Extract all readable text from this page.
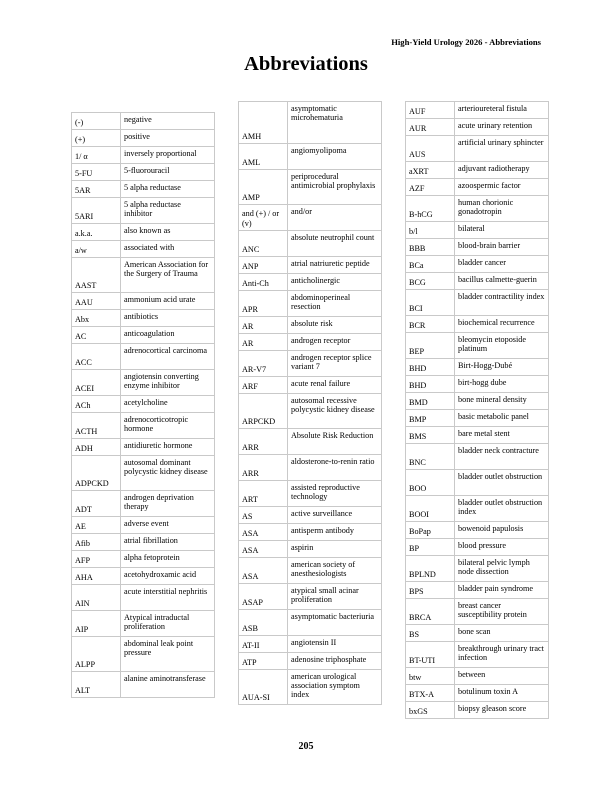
High-Yield Urology 2026 - Abbreviations
Abbreviations
(-)	negative
(+)	positive
1/ α	inversely proportional
5-FU	5-fluorouracil
5AR	5 alpha reductase
5ARI	5 alpha reductase inhibitor
a.k.a.	also known as
a/w	associated with
AAST	American Association for the Surgery of Trauma
AAU	ammonium acid urate
Abx	antibiotics
AC	anticoagulation
ACC	adrenocortical carcinoma
ACEI	angiotensin converting enzyme inhibitor
ACh	acetylcholine
ACTH	adrenocorticotropic hormone
ADH	antidiuretic hormone
ADPCKD	autosomal dominant polycystic kidney disease
ADT	androgen deprivation therapy
AE	adverse event
Afib	atrial fibrillation
AFP	alpha fetoprotein
AHA	acetohydroxamic acid
AIN	acute interstitial nephritis
AIP	Atypical intraductal proliferation
ALPP	abdominal leak point pressure
ALT	alanine aminotransferase
AMH	asymptomatic microhematuria
AML	angiomyolipoma
AMP	periprocedural antimicrobial prophylaxis
and (+) / or (v)	and/or
ANC	absolute neutrophil count
ANP	atrial natriuretic peptide
Anti-Ch	anticholinergic
APR	abdominoperineal resection
AR	absolute risk
AR	androgen receptor
AR-V7	androgen receptor splice variant 7
ARF	acute renal failure
ARPCKD	autosomal recessive polycystic kidney disease
ARR	Absolute Risk Reduction
ARR	aldosterone-to-renin ratio
ART	assisted reproductive technology
AS	active surveillance
ASA	antisperm antibody
ASA	aspirin
ASA	american society of anesthesiologists
ASAP	atypical small acinar proliferation
ASB	asymptomatic bacteriuria
AT-II	angiotensin II
ATP	adenosine triphosphate
AUA-SI	american urological association symptom index
AUF	arterioureteral fistula
AUR	acute urinary retention
AUS	artificial urinary sphincter
aXRT	adjuvant radiotherapy
AZF	azoospermic factor
B-hCG	human chorionic gonadotropin
b/l	bilateral
BBB	blood-brain barrier
BCa	bladder cancer
BCG	bacillus calmette-guerin
BCI	bladder contractility index
BCR	biochemical recurrence
BEP	bleomycin etoposide platinum
BHD	Birt-Hogg-Dubé
BHD	birt-hogg dube
BMD	bone mineral density
BMP	basic metabolic panel
BMS	bare metal stent
BNC	bladder neck contracture
BOO	bladder outlet obstruction
BOOI	bladder outlet obstruction index
BoPap	bowenoid papulosis
BP	blood pressure
BPLND	bilateral pelvic lymph node dissection
BPS	bladder pain syndrome
BRCA	breast cancer susceptibility protein
BS	bone scan
BT-UTI	breakthrough urinary tract infection
btw	between
BTX-A	botulinum toxin A
bxGS	biopsy gleason score
205
